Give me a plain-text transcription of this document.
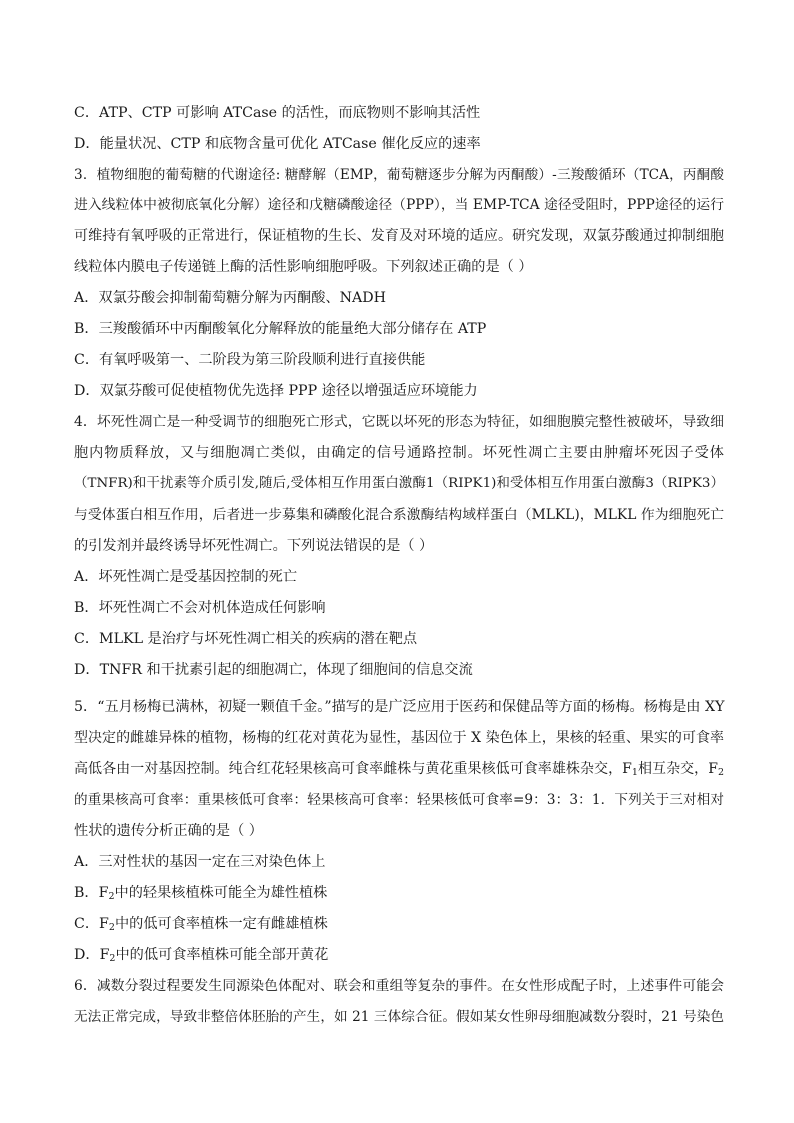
C．ATP、CTP 可影响 ATCase 的活性，而底物则不影响其活性
D．能量状况、CTP 和底物含量可优化 ATCase 催化反应的速率
3．植物细胞的葡萄糖的代谢途径: 糖酵解（EMP，葡萄糖逐步分解为丙酮酸）-三羧酸循环（TCA，丙酮酸
进入线粒体中被彻底氧化分解）途径和戊糖磷酸途径（PPP），当 EMP-TCA 途径受阻时，PPP途径的运行
可维持有氧呼吸的正常进行，保证植物的生长、发育及对环境的适应。研究发现，双氯芬酸通过抑制细胞
线粒体内膜电子传递链上酶的活性影响细胞呼吸。下列叙述正确的是（ ）
A．双氯芬酸会抑制葡萄糖分解为丙酮酸、NADH
B．三羧酸循环中丙酮酸氧化分解释放的能量绝大部分储存在 ATP
C．有氧呼吸第一、二阶段为第三阶段顺利进行直接供能
D．双氯芬酸可促使植物优先选择 PPP 途径以增强适应环境能力
4．坏死性凋亡是一种受调节的细胞死亡形式，它既以坏死的形态为特征，如细胞膜完整性被破坏，导致细
胞内物质释放，又与细胞凋亡类似，由确定的信号通路控制。坏死性凋亡主要由肿瘤坏死因子受体
（TNFR)和干扰素等介质引发,随后,受体相互作用蛋白激酶1（RIPK1)和受体相互作用蛋白激酶3（RIPK3）
与受体蛋白相互作用，后者进一步募集和磷酸化混合系激酶结构域样蛋白（MLKL)，MLKL 作为细胞死亡
的引发剂并最终诱导坏死性凋亡。下列说法错误的是（ ）
A．坏死性凋亡是受基因控制的死亡
B．坏死性凋亡不会对机体造成任何影响
C．MLKL 是治疗与坏死性凋亡相关的疾病的潜在靶点
D．TNFR 和干扰素引起的细胞凋亡，体现了细胞间的信息交流
5．“五月杨梅已满林，初疑一颗值千金。”描写的是广泛应用于医药和保健品等方面的杨梅。杨梅是由 XY
型决定的雌雄异株的植物，杨梅的红花对黄花为显性，基因位于 X 染色体上，果核的轻重、果实的可食率
高低各由一对基因控制。纯合红花轻果核高可食率雌株与黄花重果核低可食率雄株杂交，$F_1$相互杂交，$F_2$
的重果核高可食率：重果核低可食率：轻果核高可食率：轻果核低可食率=9：3：3：1．下列关于三对相对
性状的遗传分析正确的是（ ）
A．三对性状的基因一定在三对染色体上
B．$F_2$中的轻果核植株可能全为雄性植株
C．$F_2$中的低可食率植株一定有雌雄植株
D．$F_2$中的低可食率植株可能全部开黄花
6．减数分裂过程要发生同源染色体配对、联会和重组等复杂的事件。在女性形成配子时，上述事件可能会
无法正常完成，导致非整倍体胚胎的产生，如 21 三体综合征。假如某女性卵母细胞减数分裂时，21 号染色
